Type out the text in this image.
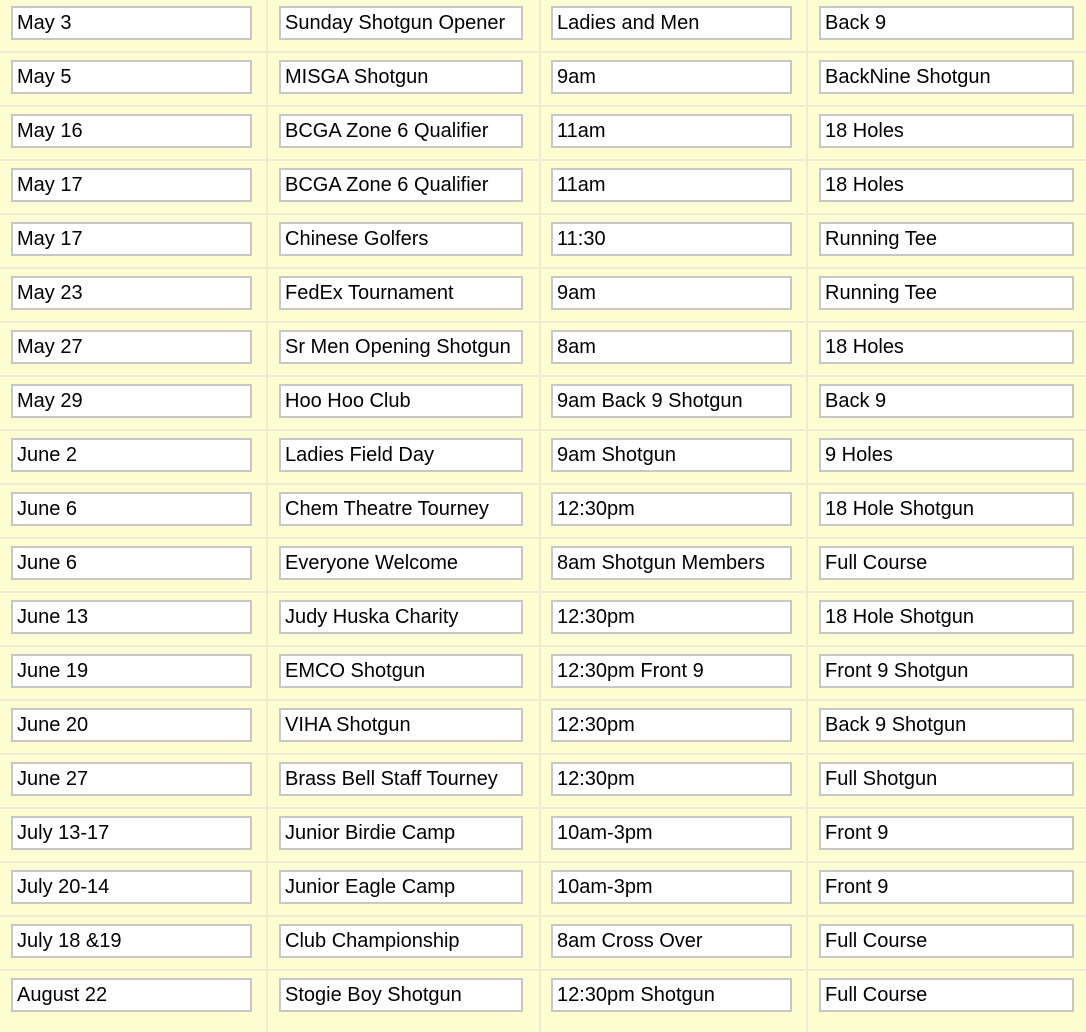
May 3
Sunday Shotgun Opener
Ladies and Men
Back 9
May 5
MISGA Shotgun
9am
BackNine Shotgun
May 16
BCGA Zone 6 Qualifier
11am
18 Holes
May 17
BCGA Zone 6 Qualifier
11am
18 Holes
May 17
Chinese Golfers
11:30
Running Tee
May 23
FedEx Tournament
9am
Running Tee
May 27
Sr Men Opening Shotgun
8am
18 Holes
May 29
Hoo Hoo Club
9am Back 9 Shotgun
Back 9
June 2
Ladies Field Day
9am Shotgun
9 Holes
June 6
Chem Theatre Tourney
12:30pm
18 Hole Shotgun
June 6
Everyone Welcome
8am Shotgun Members
Full Course
June 13
Judy Huska Charity
12:30pm
18 Hole Shotgun
June 19
EMCO Shotgun
12:30pm Front 9
Front 9 Shotgun
June 20
VIHA Shotgun
12:30pm
Back 9 Shotgun
June 27
Brass Bell Staff Tourney
12:30pm
Full Shotgun
July 13-17
Junior Birdie Camp
10am-3pm
Front 9
July 20-14
Junior Eagle Camp
10am-3pm
Front 9
July 18 &19
Club Championship
8am Cross Over
Full Course
August 22
Stogie Boy Shotgun
12:30pm Shotgun
Full Course
